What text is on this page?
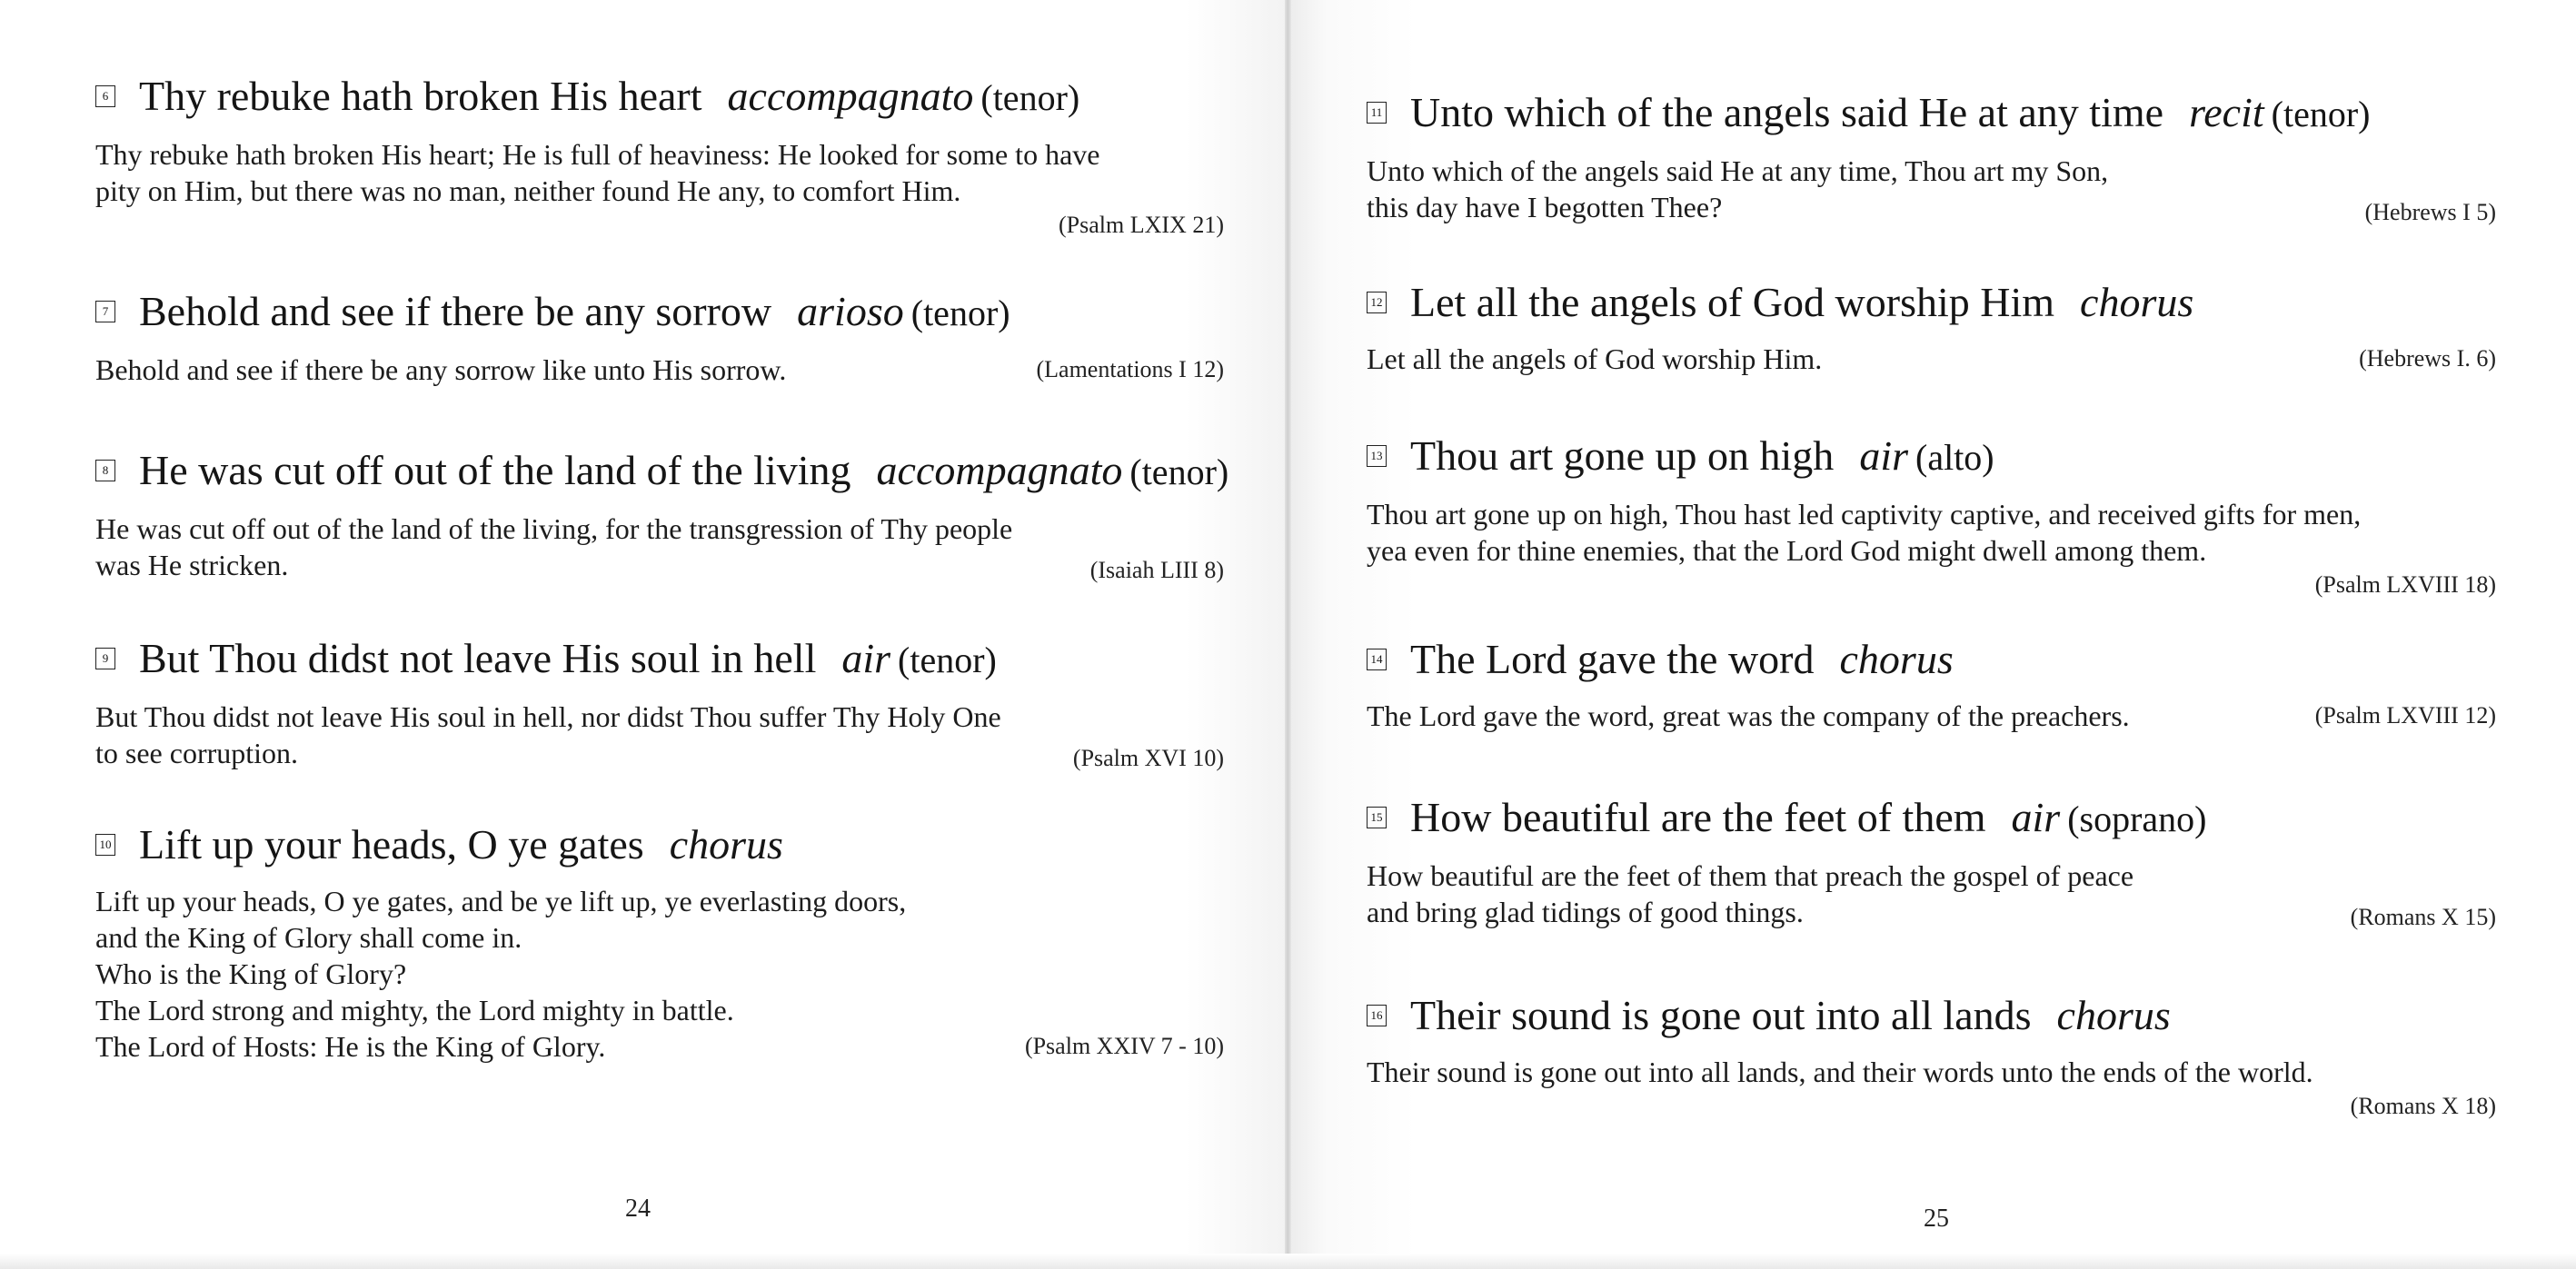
6 Thy rebuke hath broken His heart accompagnato (tenor)
Thy rebuke hath broken His heart; He is full of heaviness: He looked for some to have
pity on Him, but there was no man, neither found He any, to comfort Him.
(Psalm LXIX 21)
7 Behold and see if there be any sorrow arioso (tenor)
Behold and see if there be any sorrow like unto His sorrow.	(Lamentations I 12)
8 He was cut off out of the land of the living accompagnato (tenor)
He was cut off out of the land of the living, for the transgression of Thy people
was He stricken.	(Isaiah LIII 8)
9 But Thou didst not leave His soul in hell air (tenor)
But Thou didst not leave His soul in hell, nor didst Thou suffer Thy Holy One
to see corruption.	(Psalm XVI 10)
10 Lift up your heads, O ye gates chorus
Lift up your heads, O ye gates, and be ye lift up, ye everlasting doors,
and the King of Glory shall come in.
Who is the King of Glory?
The Lord strong and mighty, the Lord mighty in battle.
The Lord of Hosts: He is the King of Glory.	(Psalm XXIV 7 - 10)
24
11 Unto which of the angels said He at any time recit (tenor)
Unto which of the angels said He at any time, Thou art my Son,
this day have I begotten Thee?	(Hebrews I 5)
12 Let all the angels of God worship Him chorus
Let all the angels of God worship Him.	(Hebrews I. 6)
13 Thou art gone up on high air (alto)
Thou art gone up on high, Thou hast led captivity captive, and received gifts for men,
yea even for thine enemies, that the Lord God might dwell among them.
(Psalm LXVIII 18)
14 The Lord gave the word chorus
The Lord gave the word, great was the company of the preachers.	(Psalm LXVIII 12)
15 How beautiful are the feet of them air (soprano)
How beautiful are the feet of them that preach the gospel of peace
and bring glad tidings of good things.	(Romans X 15)
16 Their sound is gone out into all lands chorus
Their sound is gone out into all lands, and their words unto the ends of the world.
(Romans X 18)
25
